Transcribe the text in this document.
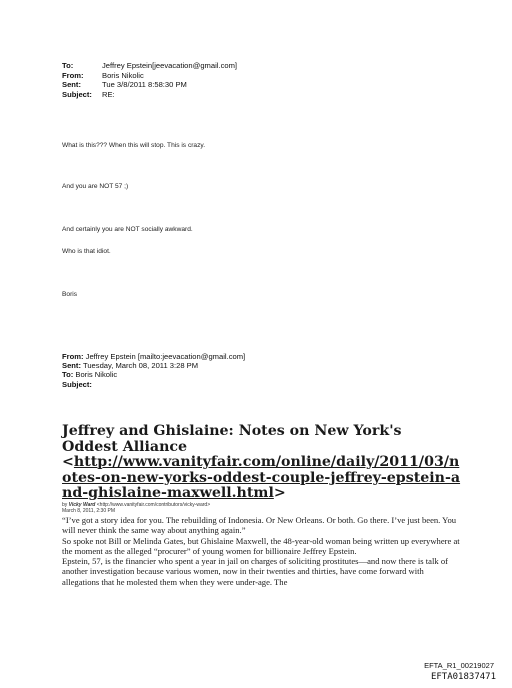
To:	Jeffrey Epstein[jeevacation@gmail.com]
From:	Boris Nikolic
Sent:	Tue 3/8/2011 8:58:30 PM
Subject:	RE:
What is this??? When this will stop. This is crazy.
And you are NOT 57 ;)
And certainly you are NOT socially awkward.
Who is that idiot.
Boris
From: Jeffrey Epstein [mailto:jeevacation@gmail.com]
Sent: Tuesday, March 08, 2011 3:28 PM
To: Boris Nikolic
Subject:
Jeffrey and Ghislaine: Notes on New York's Oddest Alliance
<http://www.vanityfair.com/online/daily/2011/03/notes-on-new-yorks-oddest-couple-jeffrey-epstein-and-ghislaine-maxwell.html>
by Vicky Ward <http://www.vanityfair.com/contributors/vicky-ward>
March 8, 2011, 2:30 PM

“I’ve got a story idea for you. The rebuilding of Indonesia. Or New Orleans. Or both. Go there. I’ve just been. You will never think the same way about anything again.”

So spoke not Bill or Melinda Gates, but Ghislaine Maxwell, the 48-year-old woman being written up everywhere at the moment as the alleged “procurer” of young women for billionaire Jeffrey Epstein.

Epstein, 57, is the financier who spent a year in jail on charges of soliciting prostitutes—and now there is talk of another investigation because various women, now in their twenties and thirties, have come forward with allegations that he molested them when they were under-age. The

EFTA_R1_00219027
EFTA01837471
